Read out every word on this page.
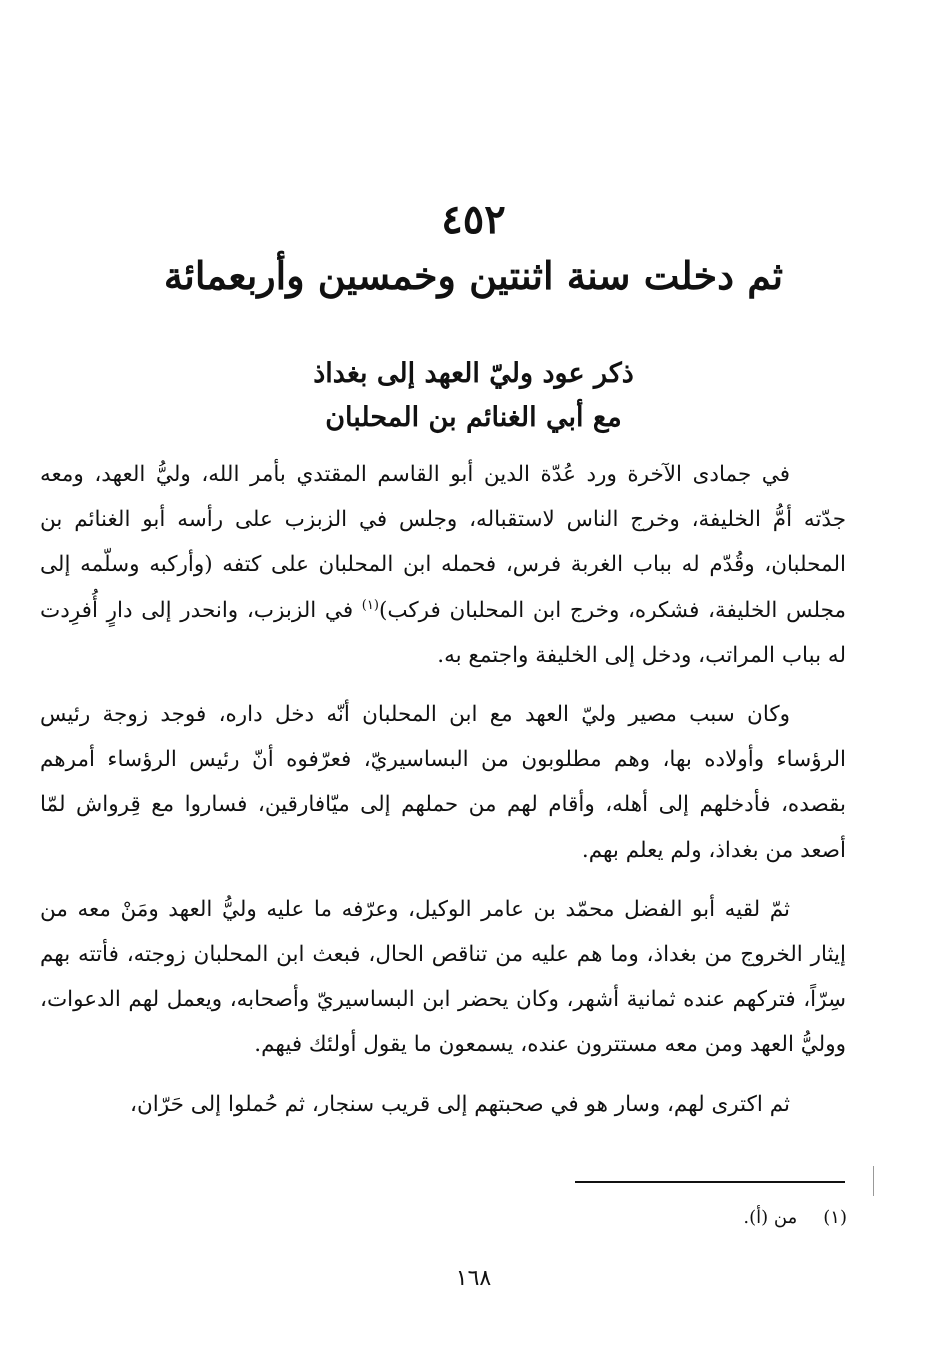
٤٥٢
ثم دخلت سنة اثنتين وخمسين وأربعمائة
ذكر عود وليّ العهد إلى بغداذ
مع أبي الغنائم بن المحلبان

في جمادى الآخرة ورد عُدّة الدين أبو القاسم المقتدي بأمر الله، وليُّ العهد، ومعه جدّته أمُّ الخليفة، وخرج الناس لاستقباله، وجلس في الزبزب على رأسه أبو الغنائم بن المحلبان، وقُدّم له بباب الغربة فرس، فحمله ابن المحلبان على كتفه (وأركبه وسلّمه إلى مجلس الخليفة، فشكره، وخرج ابن المحلبان فركب)$^{(١)}$ في الزبزب، وانحدر إلى دارٍ أُفرِدت له بباب المراتب، ودخل إلى الخليفة واجتمع به.

وكان سبب مصير وليّ العهد مع ابن المحلبان أنّه دخل داره، فوجد زوجة رئيس الرؤساء وأولاده بها، وهم مطلوبون من البساسيريّ، فعرّفوه أنّ رئيس الرؤساء أمرهم بقصده، فأدخلهم إلى أهله، وأقام لهم من حملهم إلى ميّافارقين، فساروا مع قِرواش لمّا أصعد من بغداذ، ولم يعلم بهم.

ثمّ لقيه أبو الفضل محمّد بن عامر الوكيل، وعرّفه ما عليه وليُّ العهد ومَنْ معه من إيثار الخروج من بغداذ، وما هم عليه من تناقص الحال، فبعث ابن المحلبان زوجته، فأتته بهم سِرّاً، فتركهم عنده ثمانية أشهر، وكان يحضر ابن البساسيريّ وأصحابه، ويعمل لهم الدعوات، ووليُّ العهد ومن معه مستترون عنده، يسمعون ما يقول أولئك فيهم.

ثم اكترى لهم، وسار هو في صحبتهم إلى قريب سنجار، ثم حُملوا إلى حَرّان،

(١)من (أ).
١٦٨
